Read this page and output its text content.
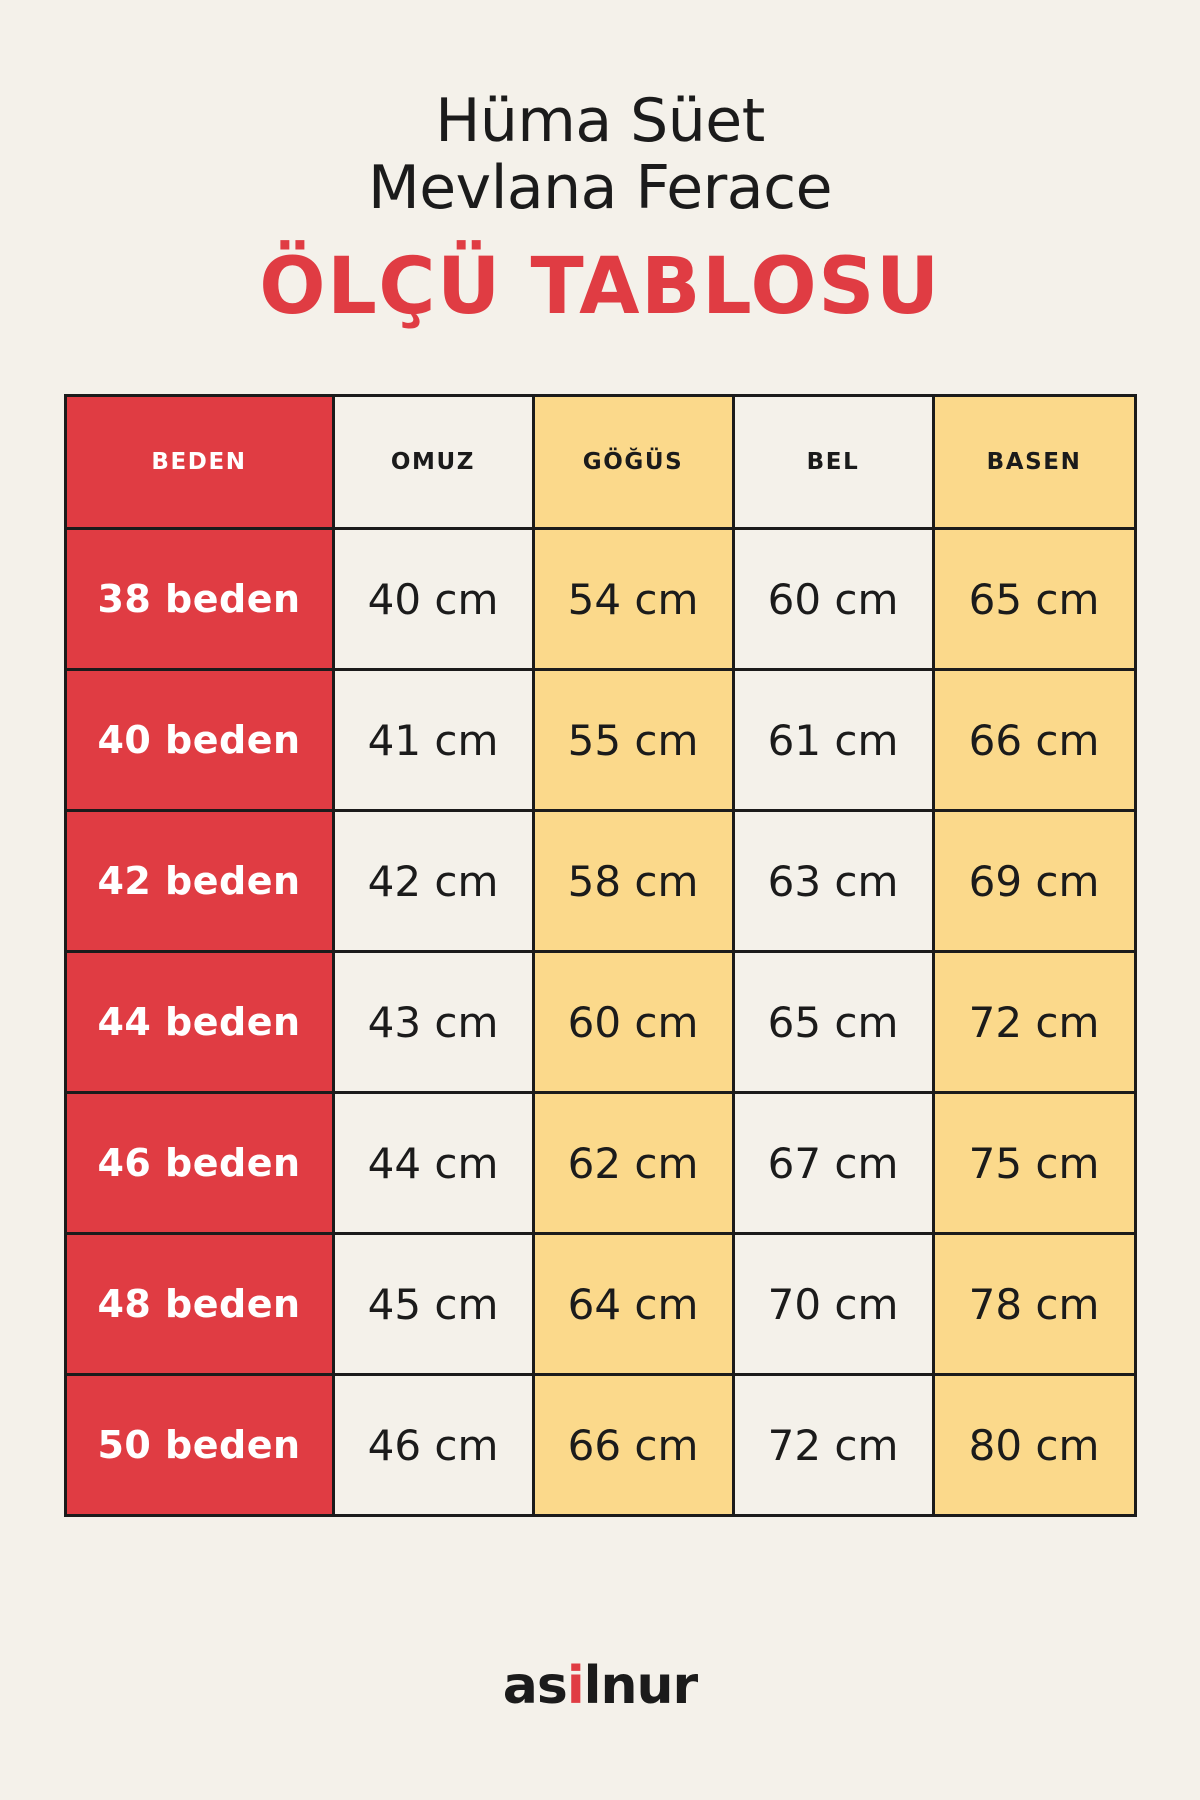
Hüma Süet
Mevlana Ferace
ÖLÇÜ TABLOSU
BEDEN	OMUZ	GÖĞÜS	BEL	BASEN
38 beden	40 cm	54 cm	60 cm	65 cm
40 beden	41 cm	55 cm	61 cm	66 cm
42 beden	42 cm	58 cm	63 cm	69 cm
44 beden	43 cm	60 cm	65 cm	72 cm
46 beden	44 cm	62 cm	67 cm	75 cm
48 beden	45 cm	64 cm	70 cm	78 cm
50 beden	46 cm	66 cm	72 cm	80 cm
asilnur
